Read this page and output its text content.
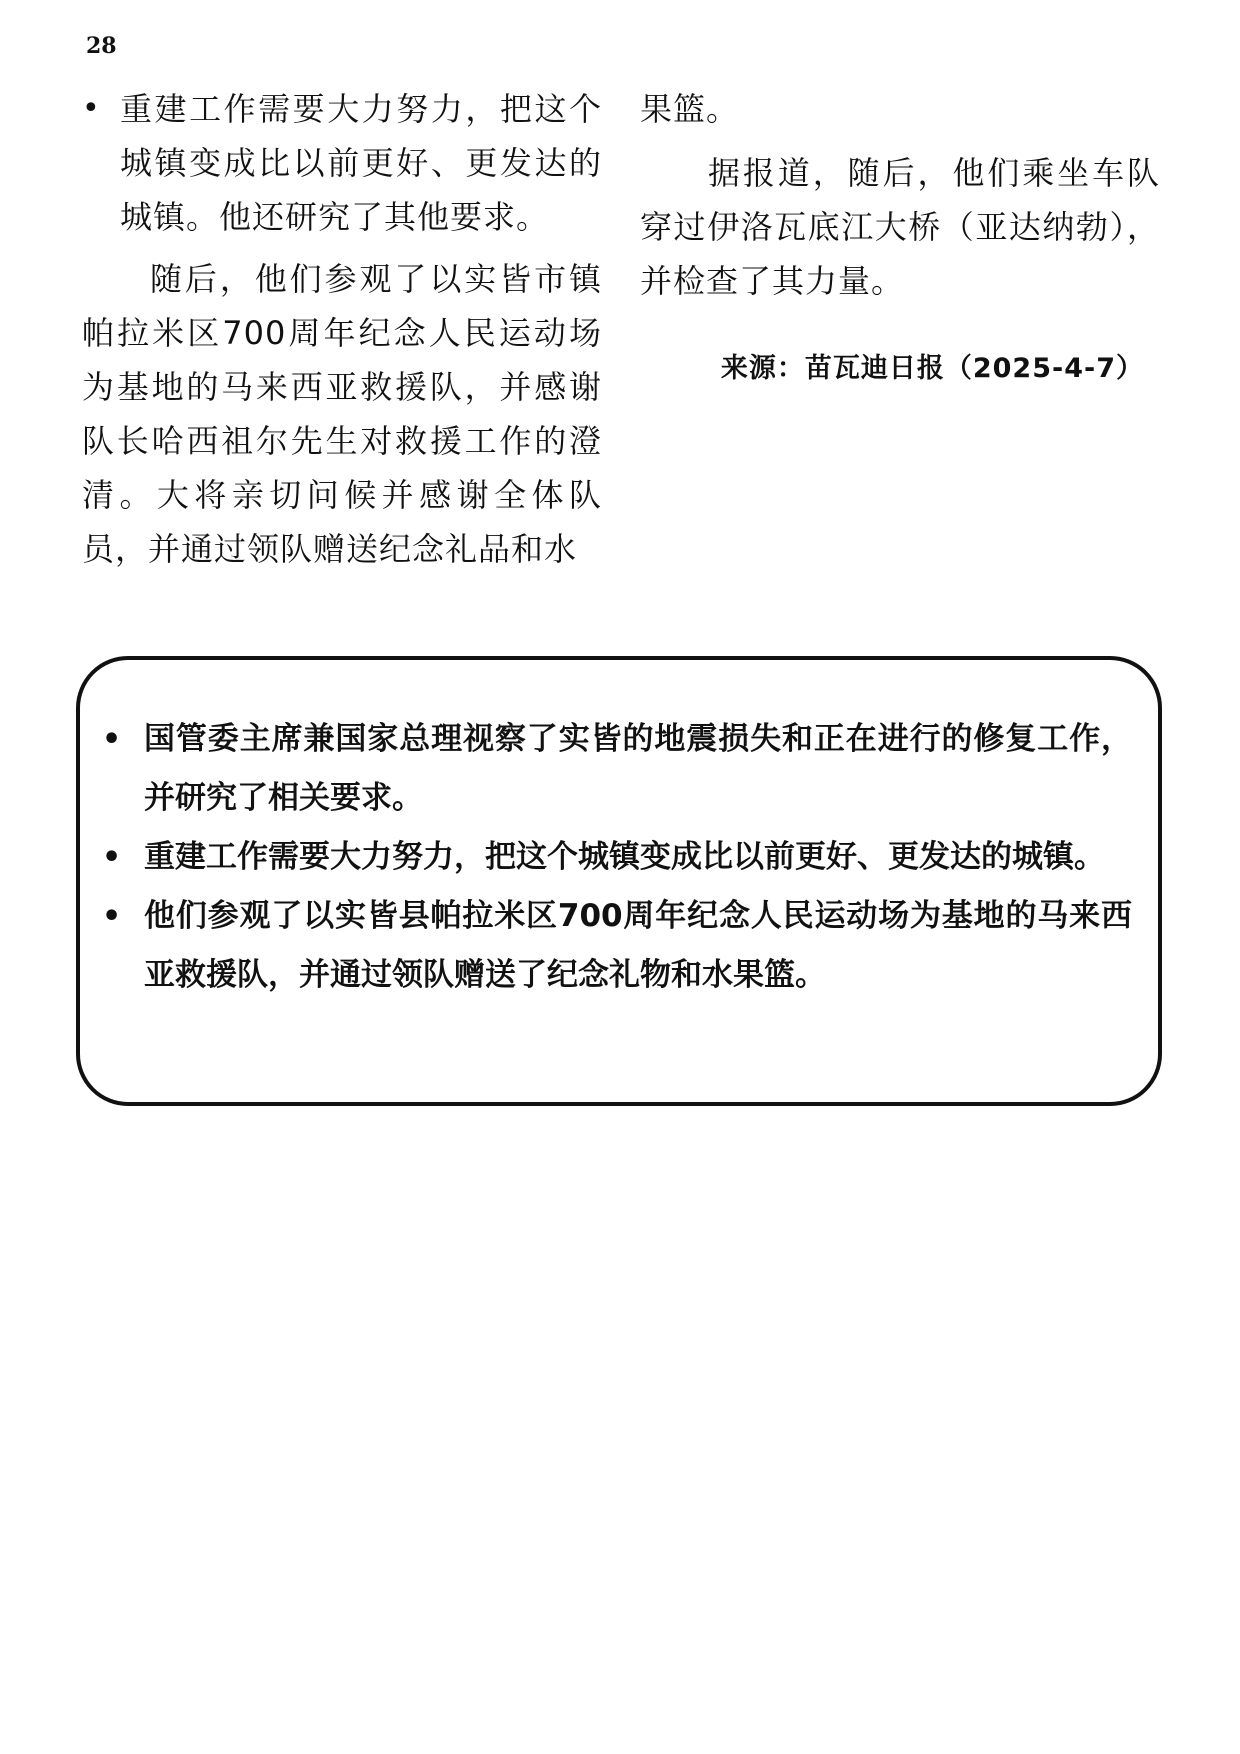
28

• 重建工作需要大力努力，把这个城镇变成比以前更好、更发达的城镇。他还研究了其他要求。

随后，他们参观了以实皆市镇帕拉米区700周年纪念人民运动场为基地的马来西亚救援队，并感谢队长哈西祖尔先生对救援工作的澄清。大将亲切问候并感谢全体队员，并通过领队赠送纪念礼品和水

果篮。

据报道，随后，他们乘坐车队穿过伊洛瓦底江大桥（亚达纳勃），并检查了其力量。

来源：苗瓦迪日报（2025-4-7）

• 国管委主席兼国家总理视察了实皆的地震损失和正在进行的修复工作，并研究了相关要求。
• 重建工作需要大力努力，把这个城镇变成比以前更好、更发达的城镇。
• 他们参观了以实皆县帕拉米区700周年纪念人民运动场为基地的马来西亚救援队，并通过领队赠送了纪念礼物和水果篮。
